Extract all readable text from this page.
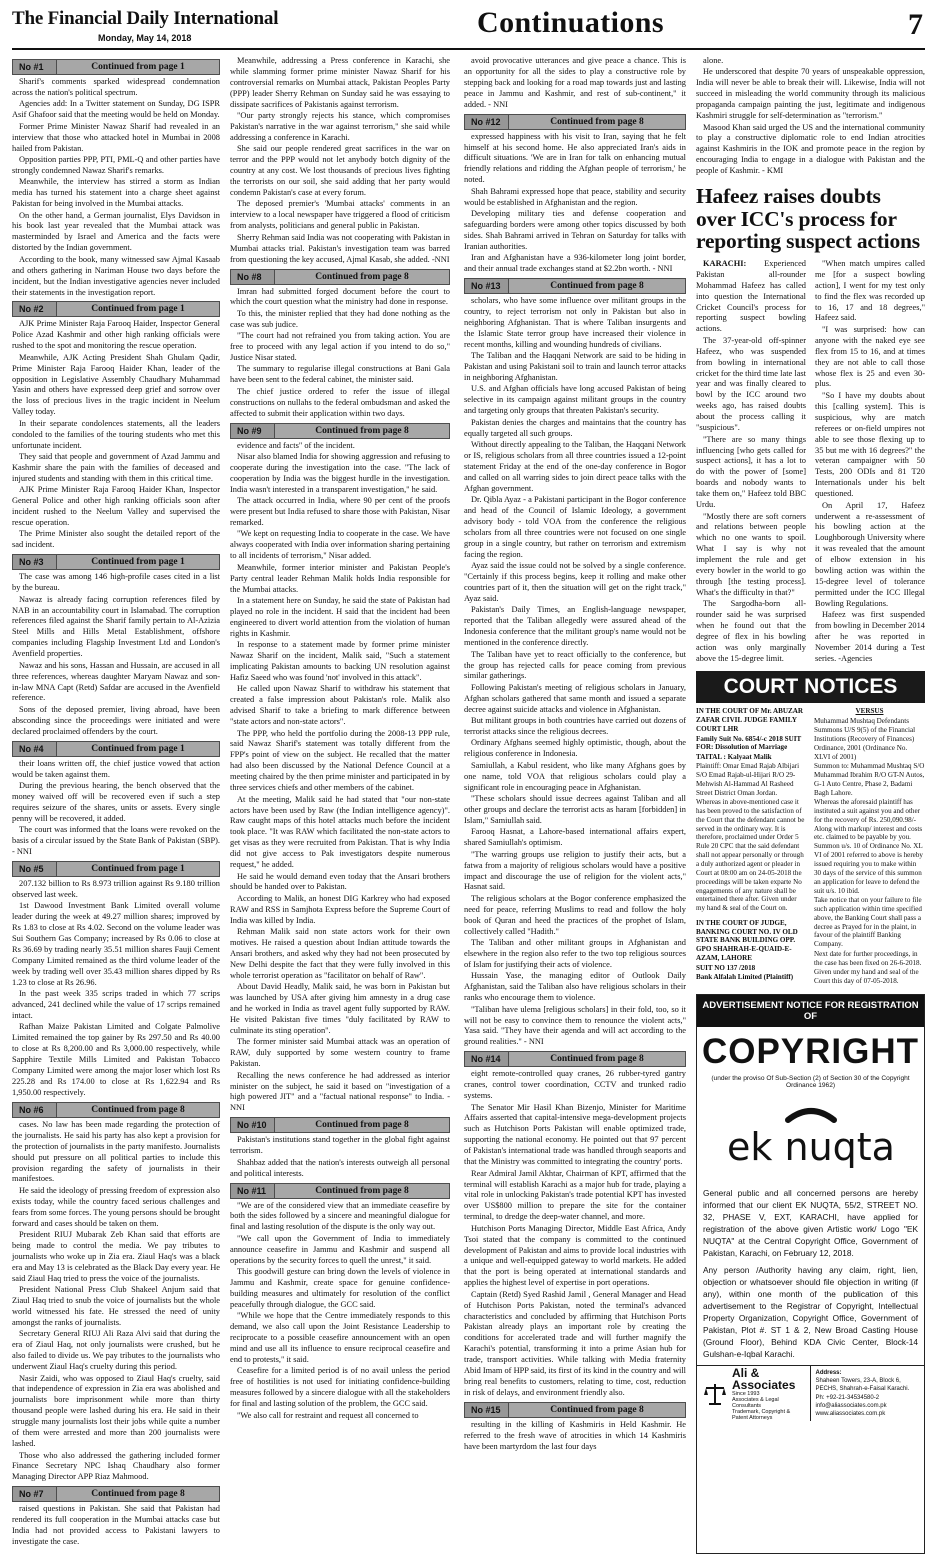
The Financial Daily International
Monday, May 14, 2018	Continuations	7
No #1	Continued from page 1

Sharif's comments sparked widespread condemnation across the nation's political spectrum.

Agencies add: In a Twitter statement on Sunday, DG ISPR Asif Ghafoor said that the meeting would be held on Monday.

Former Prime Minister Nawaz Sharif had revealed in an interview that those who attacked hotel in Mumbai in 2008 hailed from Pakistan.

Opposition parties PPP, PTI, PML-Q and other parties have strongly condemned Nawaz Sharif's remarks.

Meanwhile, the interview has stirred a storm as Indian media has turned his statement into a charge sheet against Pakistan for being involved in the Mumbai attacks.

On the other hand, a German journalist, Elys Davidson in his book last year revealed that the Mumbai attack was masterminded by Israel and America and the facts were distorted by the Indian government.

According to the book, many witnessed saw Ajmal Kasaab and others gathering in Nariman House two days before the incident, but the Indian investigative agencies never included their statements in the investigation report.

No #2	Continued from page 1

AJK Prime Minister Raja Farooq Haider, Inspector General Police Azad Kashmir and other high ranking officials were rushed to the spot and monitoring the rescue operation.

Meanwhile, AJK Acting President Shah Ghulam Qadir, Prime Minister Raja Farooq Haider Khan, leader of the opposition in Legislative Assembly Chaudhary Muhammad Yasin and others have expressed deep grief and sorrow over the loss of precious lives in the tragic incident in Neelum Valley today.

In their separate condolences statements, all the leaders condoled to the families of the touring students who met this unfortunate incident.

They said that people and government of Azad Jammu and Kashmir share the pain with the families of deceased and injured students and standing with them in this critical time.

AJK Prime Minister Raja Farooq Haider Khan, Inspector General Police and other high ranking officials soon after incident rushed to the Neelum Valley and supervised the rescue operation.

The Prime Minister also sought the detailed report of the sad incident.

No #3	Continued from page 1

The case was among 146 high-profile cases cited in a list by the bureau.

Nawaz is already facing corruption references filed by NAB in an accountability court in Islamabad. The corruption references filed against the Sharif family pertain to Al-Azizia Steel Mills and Hills Metal Establishment, offshore companies including Flagship Investment Ltd and London's Avenfield properties.

Nawaz and his sons, Hassan and Hussain, are accused in all three references, whereas daughter Maryam Nawaz and son-in-law MNA Capt (Retd) Safdar are accused in the Avenfield reference.

Sons of the deposed premier, living abroad, have been absconding since the proceedings were initiated and were declared proclaimed offenders by the court.

No #4	Continued from page 1

their loans written off, the chief justice vowed that action would be taken against them.

During the previous hearing, the bench observed that the money waived off will be recovered even if such a step requires seizure of the shares, units or assets. Every single penny will be recovered, it added.

The court was informed that the loans were revoked on the basis of a circular issued by the State Bank of Pakistan (SBP). - NNI

No #5	Continued from page 1

207.132 billion to Rs 8.973 trillion against Rs 9.180 trillion observed last week.

1st Dawood Investment Bank Limited overall volume leader during the week at 49.27 million shares; improved by Rs 1.83 to close at Rs 4.02. Second on the volume leader was Sui Southern Gas Company; increased by Rs 0.06 to close at Rs 36.69 by trading nearly 35.51 million shares Fauji Cement Company Limited remained as the third volume leader of the week by trading well over 35.43 million shares dipped by Rs 1.23 to close at Rs 26.96.

In the past week 335 scrips traded in which 77 scrips advanced, 241 declined while the value of 17 scrips remained intact.

Rafhan Maize Pakistan Limited and Colgate Palmolive Limited remained the top gainer by Rs 297.50 and Rs 40.00 to close at Rs 8,200.00 and Rs 3,000.00 respectively, while Sapphire Textile Mills Limited and Pakistan Tobacco Company Limited were among the major loser which lost Rs 225.28 and Rs 174.00 to close at Rs 1,622.94 and Rs 1,950.00 respectively.

No #6	Continued from page 8

cases. No law has been made regarding the protection of the journalists. He said his party has also kept a provision for the protection of journalists in the party manifesto. Journalists should put pressure on all political parties to include this provision regarding the safety of journalists in their manifestoes.

He said the ideology of pressing freedom of expression also exists today, while the country faced serious challenges and fears from some forces. The young persons should be brought forward and cases should be taken on them.

President RIUJ Mubarak Zeb Khan said that efforts are being made to control the media. We pay tributes to journalists who woke up in Zia era. Ziaul Haq's was a black era and May 13 is celebrated as the Black Day every year. He said Ziaul Haq tried to press the voice of the journalists.

President National Press Club Shakeel Anjum said that Ziaul Haq tried to snub the voice of journalists but the whole world witnessed his fate. He stressed the need of unity amongst the ranks of journalists.

Secretary General RIUJ Ali Raza Alvi said that during the era of Ziaul Haq, not only journalists were crushed, but he also failed to divide us. We pay tributes to the journalists who underwent Ziaul Haq's cruelty during this period.

Nasir Zaidi, who was opposed to Ziaul Haq's cruelty, said that independence of expression in Zia era was abolished and journalists bore imprisonment while more than thirty thousand people were lashed during his era. He said in their struggle many journalists lost their jobs while quite a number of them were arrested and more than 200 journalists were lashed.

Those who also addressed the gathering included former Finance Secretary NPC Ishaq Chaudhary also former Managing Director APP Riaz Mahmood.

No #7	Continued from page 8

raised questions in Pakistan. She said that Pakistan had rendered its full cooperation in the Mumbai attacks case but India had not provided access to Pakistani lawyers to investigate the case.

Meanwhile, addressing a Press conference in Karachi, she while slamming former prime minister Nawaz Sharif for his controversial remarks on Mumbai attack, Pakistan Peoples Party (PPP) leader Sherry Rehman on Sunday said he was essaying to dissipate sacrifices of Pakistanis against terrorism.

"Our party strongly rejects his stance, which compromises Pakistan's narrative in the war against terrorism," she said while addressing a conference in Karachi.

She said our people rendered great sacrifices in the war on terror and the PPP would not let anybody botch dignity of the country at any cost. We lost thousands of precious lives fighting the terrorists on our soil, she said adding that her party would condemn Pakistan's case at every forum.

The deposed premier's 'Mumbai attacks' comments in an interview to a local newspaper have triggered a flood of criticism from analysts, politicians and general public in Pakistan.

Sherry Rehman said India was not cooperating with Pakistan in Mumbai attacks trial. Pakistan's investigation team was barred from questioning the key accused, Ajmal Kasab, she added. -NNI

No #8	Continued from page 8

Imran had submitted forged document before the court to which the court question what the ministry had done in response.

To this, the minister replied that they had done nothing as the case was sub judice.

"The court had not refrained you from taking action. You are free to proceed with any legal action if you intend to do so," Justice Nisar stated.

The summary to regularise illegal constructions at Bani Gala have been sent to the federal cabinet, the minister said.

The chief justice ordered to refer the issue of illegal constructions on nullahs to the federal ombudsman and asked the affected to submit their application within two days.

No #9	Continued from page 8

evidence and facts" of the incident.

Nisar also blamed India for showing aggression and refusing to cooperate during the investigation into the case. "The lack of cooperation by India was the biggest hurdle in the investigation. India wasn't interested in a transparent investigation," he said.

The attack occurred in India, where 90 per cent of the proofs were present but India refused to share those with Pakistan, Nisar remarked.

"We kept on requesting India to cooperate in the case. We have always cooperated with India over information sharing pertaining to all incidents of terrorism," Nisar added.

Meanwhile, former interior minister and Pakistan People's Party central leader Rehman Malik holds India responsible for the Mumbai attacks.

In a statement here on Sunday, he said the state of Pakistan had played no role in the incident. H said that the incident had been engineered to divert world attention from the violation of human rights in Kashmir.

In response to a statement made by former prime minister Nawaz Sharif on the incident, Malik said, "Such a statement implicating Pakistan amounts to backing UN resolution against Hafiz Saeed who was found 'not' involved in this attack".

He called upon Nawaz Sharif to withdraw his statement that created a false impression about Pakistan's role. Malik also advised Sharif to take a briefing to mark difference between "state actors and non-state actors".

The PPP, who held the portfolio during the 2008-13 PPP rule, said Nawaz Sharif's statement was totally different from the FPP's point of view on the subject. He recalled that the matter had also been discussed by the National Defence Council at a meeting chaired by the then prime minister and participated in by three services chiefs and other members of the cabinet.

At the meeting, Malik said he had stated that "our non-state actors have been used by Raw (the Indian intelligence agency)". Raw caught maps of this hotel attacks much before the incident took place. "It was RAW which facilitated the non-state actors to get visas as they were recruited from Pakistan. That is why India did not give access to Pak investigators despite numerous request," he added.

He said he would demand even today that the Ansari brothers should be handed over to Pakistan.

According to Malik, an honest DIG Karkrey who had exposed RAW and RSS in Samjhota Express before the Supreme Court of India was killed by India.

Rehman Malik said non state actors work for their own motives. He raised a question about Indian attitude towards the Ansari brothers, and asked why they had not been prosecuted by New Delhi despite the fact that they were fully involved in this whole terrorist operation as "facilitator on behalf of Raw".

About David Headly, Malik said, he was born in Pakistan but was launched by USA after giving him amnesty in a drug case and he worked in India as travel agent fully supported by RAW. He visited Pakistan five times "duly facilitated by RAW to culminate its sting operation".

The former minister said Mumbai attack was an operation of RAW, duly supported by some western country to frame Pakistan.

Recalling the news conference he had addressed as interior minister on the subject, he said it based on "investigation of a high powered JIT" and a "factual national response" to India. - NNI

No #10	Continued from page 8

Pakistan's institutions stand together in the global fight against terrorism.

Shahbaz added that the nation's interests outweigh all personal and political interests.

No #11	Continued from page 8

"We are of the considered view that an immediate ceasefire by both the sides followed by a sincere and meaningful dialogue for final and lasting resolution of the dispute is the only way out.

"We call upon the Government of India to immediately announce ceasefire in Jammu and Kashmir and suspend all operations by the security forces to quell the unrest," it said.

This goodwill gesture can bring down the levels of violence in Jammu and Kashmir, create space for genuine confidence-building measures and ultimately for resolution of the conflict peacefully through dialogue, the GCC said.

"While we hope that the Centre immediately responds to this demand, we also call upon the Joint Resistance Leadership to reciprocate to a possible ceasefire announcement with an open mind and use all its influence to ensure reciprocal ceasefire and end to protests," it said.

Ceasefire for a limited period is of no avail unless the period free of hostilities is not used for initiating confidence-building measures followed by a sincere dialogue with all the stakeholders for final and lasting solution of the problem, the GCC said.

"We also call for restraint and request all concerned to

avoid provocative utterances and give peace a chance. This is an opportunity for all the sides to play a constructive role by stepping back and looking for a road map towards just and lasting peace in Jammu and Kashmir, and rest of sub-continent," it added. - NNI

No #12	Continued from page 8

expressed happiness with his visit to Iran, saying that he felt himself at his second home. He also appreciated Iran's aids in difficult situations. 'We are in Iran for talk on enhancing mutual friendly relations and ridding the Afghan people of terrorism,' he noted.

Shah Bahrami expressed hope that peace, stability and security would be established in Afghanistan and the region.

Developing military ties and defense cooperation and safeguarding borders were among other topics discussed by both sides. Shah Bahrami arrived in Tehran on Saturday for talks with Iranian authorities.

Iran and Afghanistan have a 936-kilometer long joint border, and their annual trade exchanges stand at $2.2bn worth. - NNI

No #13	Continued from page 8

scholars, who have some influence over militant groups in the country, to reject terrorism not only in Pakistan but also in neighboring Afghanistan. That is where Taliban insurgents and the Islamic State terror group have increased their violence in recent months, killing and wounding hundreds of civilians.

The Taliban and the Haqqani Network are said to be hiding in Pakistan and using Pakistani soil to train and launch terror attacks in neighboring Afghanistan.

U.S. and Afghan officials have long accused Pakistan of being selective in its campaign against militant groups in the country and targeting only groups that threaten Pakistan's security.

Pakistan denies the charges and maintains that the country has equally targeted all such groups.

Without directly appealing to the Taliban, the Haqqani Network or IS, religious scholars from all three countries issued a 12-point statement Friday at the end of the one-day conference in Bogor and called on all warring sides to join direct peace talks with the Afghan government.

Dr. Qibla Ayaz - a Pakistani participant in the Bogor conference and head of the Council of Islamic Ideology, a government advisory body - told VOA from the conference the religious scholars from all three countries were not focused on one single group in a single country, but rather on terrorism and extremism facing the region.

Ayaz said the issue could not be solved by a single conference. "Certainly if this process begins, keep it rolling and make other countries part of it, then the situation will get on the right track," Ayaz said.

Pakistan's Daily Times, an English-language newspaper, reported that the Taliban allegedly were assured ahead of the Indonesia conference that the militant group's name would not be mentioned in the conference directly.

The Taliban have yet to react officially to the conference, but the group has rejected calls for peace coming from previous similar gatherings.

Following Pakistan's meeting of religious scholars in January, Afghan scholars gathered that same month and issued a separate decree against suicide attacks and violence in Afghanistan.

But militant groups in both countries have carried out dozens of terrorist attacks since the religious decrees.

Ordinary Afghans seemed highly optimistic, though, about the religious conference in Indonesia.

Samiullah, a Kabul resident, who like many Afghans goes by one name, told VOA that religious scholars could play a significant role in encouraging peace in Afghanistan.

"These scholars should issue decrees against Taliban and all other groups and declare the terrorist acts as haram [forbidden] in Islam," Samiullah said.

Farooq Hasnat, a Lahore-based international affairs expert, shared Samiullah's optimism.

"The warring groups use religion to justify their acts, but a fatwa from a majority of religious scholars would have a positive impact and discourage the use of religion for the violent acts," Hasnat said.

The religious scholars at the Bogor conference emphasized the need for peace, referring Muslims to read and follow the holy book of Quran and heed the practices of the prophet of Islam, collectively called "Hadith."

The Taliban and other militant groups in Afghanistan and elsewhere in the region also refer to the two top religious sources of Islam for justifying their acts of violence.

Hussain Yase, the managing editor of Outlook Daily Afghanistan, said the Taliban also have religious scholars in their ranks who encourage them to violence.

"Taliban have ulema [religious scholars] in their fold, too, so it will not be easy to convince them to renounce the violent acts," Yasa said. "They have their agenda and will act according to the ground realities." - NNI

No #14	Continued from page 8

eight remote-controlled quay cranes, 26 rubber-tyred gantry cranes, control tower coordination, CCTV and trunked radio systems.

The Senator Mir Hasil Khan Bizenjo, Minister for Maritime Affairs asserted that capital-intensive mega-development projects such as Hutchison Ports Pakistan will enable optimized trade, supporting the national economy. He pointed out that 97 percent of Pakistan's international trade was handled through seaports and that the Ministry was committed to integrating the country' ports.

Rear Admiral Jamil Akhtar, Chairman of KPT, affirmed that the terminal will establish Karachi as a major hub for trade, playing a vital role in unlocking Pakistan's trade potential KPT has invested over US$800 million to prepare the site for the container terminal, to dredge the deep-water channel, and more.

Hutchison Ports Managing Director, Middle East Africa, Andy Tsoi stated that the company is committed to the continued development of Pakistan and aims to provide local industries with a unique and well-equipped gateway to world markets. He added that the port is being operated at international standards and applies the highest level of expertise in port operations.

Captain (Retd) Syed Rashid Jamil , General Manager and Head of Hutchison Ports Pakistan, noted the terminal's advanced characteristics and concluded by affirming that Hutchison Ports Pakistan already plays an important role by creating the conditions for accelerated trade and will further magnify the Karachi's potential, transforming it into a prime Asian hub for trade, transport activities. While talking with Media fraternity Abid Imam of HPP said, its first of its kind in the country and will bring real benefits to customers, relating to time, cost, reduction in risk of delays, and environment friendly also.

No #15	Continued from page 8

resulting in the killing of Kashmiris in Held Kashmir. He referred to the fresh wave of atrocities in which 14 Kashmiris have been martyrdom the last four days

alone.

He underscored that despite 70 years of unspeakable oppression, India will never be able to break their will. Likewise, India will not succeed in misleading the world community through its malicious propaganda campaign painting the just, legitimate and indigenous Kashmiri struggle for self-determination as "terrorism."

Masood Khan said urged the US and the international community to play a constructive diplomatic role to end Indian atrocities against Kashmiris in the IOK and promote peace in the region by encouraging India to engage in a dialogue with Pakistan and the people of Kashmir. - KMI

Hafeez raises doubts over ICC's process for reporting suspect actions

KARACHI: Experienced Pakistan all-rounder Mohammad Hafeez has called into question the International Cricket Council's process for reporting suspect bowling actions.

The 37-year-old off-spinner Hafeez, who was suspended from bowling in international cricket for the third time late last year and was finally cleared to bowl by the ICC around two weeks ago, has raised doubts about the process calling it "suspicious".

"There are so many things influencing [who gets called for suspect actions], it has a lot to do with the power of [some] boards and nobody wants to take them on," Hafeez told BBC Urdu.

"Mostly there are soft corners and relations between people which no one wants to spoil. What I say is why not implement the rule and get every bowler in the world to go through [the testing process]. What's the difficulty in that?"

The Sargodha-born all-rounder said he was surprised when he found out that the degree of flex in his bowling action was only marginally above the 15-degree limit.

"When match umpires called me [for a suspect bowling action], I went for my test only to find the flex was recorded up to 16, 17 and 18 degrees," Hafeez said.

"I was surprised: how can anyone with the naked eye see flex from 15 to 16, and at times they are not able to call those whose flex is 25 and even 30-plus.

"So I have my doubts about this [calling system]. This is suspicious, why are match referees or on-field umpires not able to see those flexing up to 35 but me with 16 degrees?" the veteran campaigner with 50 Tests, 200 ODIs and 81 T20 Internationals under his belt questioned.

On April 17, Hafeez underwent a re-assessment of his bowling action at the Loughborough University where it was revealed that the amount of elbow extension in his bowling action was within the 15-degree level of tolerance permitted under the ICC Illegal Bowling Regulations.

Hafeez was first suspended from bowling in December 2014 after he was reported in November 2014 during a Test series. -Agencies

COURT NOTICES

IN THE COURT OF Mr. ABUZAR ZAFAR CIVIL JUDGE FAMILY COURT LHR

Family Suit No. 6854/-c 2018 SUIT FOR: Dissolution of Marriage

TAITAL : Kalyaat Malik

Plaintiff: Omar Emad Rajab Albijari S/O Emad Rajab-ul-Hijari R/O 29- Mehwish Al-Hammad Al Rasheed Street District Oman Jordan.

Whereas in above-mentioned case it has been proved to the satisfaction of the Court that the defendant cannot be served in the ordinary way. It is therefore, proclaimed under Order 5 Rule 20 CPC that the said defendant shall not appear personally or through a duly authorized agent or pleader in Court at 08:00 am on 24-05-2018 the proceedings will be taken exparte No engagements of any nature shall be entertained there after. Given under my hand & seal of the Court on.

IN THE COURT OF JUDGE, BANKING COURT NO. IV OLD STATE BANK BUILDING OPP. GPO SHAHRAH-E-QUAID-E-AZAM, LAHORE

SUIT NO 137 /2018

Bank Alfalah Limited (Plaintiff)

VERSUS

Muhammad Mushtaq Defendants

Summons U/S 9(5) of the Financial Institutions (Recovery of Finances) Ordinance, 2001 (Ordinance No. XLVI of 2001)

Summon to: Muhammad Mushtaq S/O Muhammad Ibrahim R/O GT-N Autos, G-1 Auto Centre, Phase 2, Badami Bagh Lahore.

Whereas the aforesaid plaintiff has instituted a suit against you and other for the recovery of Rs. 250,090.98/- Along with markup/ interest and costs etc. claimed to be payable by you. Summon u/s. 10 of Ordinance No. XL VI of 2001 referred to above is hereby issued requiring you to make within 30 days of the service of this summon an application for leave to defend the suit u/s. 10 ibid.

Take notice that on your failure to file such application within time specified above, the Banking Court shall pass a decree as Prayed for in the plaint, in favour of the plaintiff Banking Company.

Next date for further proceedings, in the case has been fixed on 26-6-2018.

Given under my hand and seal of the Court this day of 07-05-2018.

ADVERTISEMENT NOTICE FOR REGISTRATION OF
COPYRIGHT
(under the proviso Of Sub-Section (2) of Section 30 of the Copyright Ordinance 1962)
ek nuqta

General public and all concerned persons are hereby informed that our client EK NUQTA, 55/2, STREET NO. 32, PHASE V, EXT, KARACHI, have applied for registration of the above given Artistic work/ Logo "EK NUQTA" at the Central Copyright Office, Government of Pakistan, Karachi, on February 12, 2018.

Any person /Authority having any claim, right, lien, objection or whatsoever should file objection in writing (if any), within one month of the publication of this advertisement to the Registrar of Copyright, Intellectual Property Organization, Copyright Office, Government of Pakistan, Plot #. ST 1 & 2, New Broad Casting House (Ground Floor), Behind KDA Civic Center, Block-14 Gulshan-e-Iqbal Karachi.

Ali & Associates
Since 1993
Associates & Legal Consultants
Trademark, Copyright & Patent Attorneys
Address:
Shaheen Towers, 23-A, Block 6,
PECHS, Shahrah-e-Faisal Karachi.
Ph: +92-21-34534580-2
info@aliassociates.com.pk
www.aliassociates.com.pk
